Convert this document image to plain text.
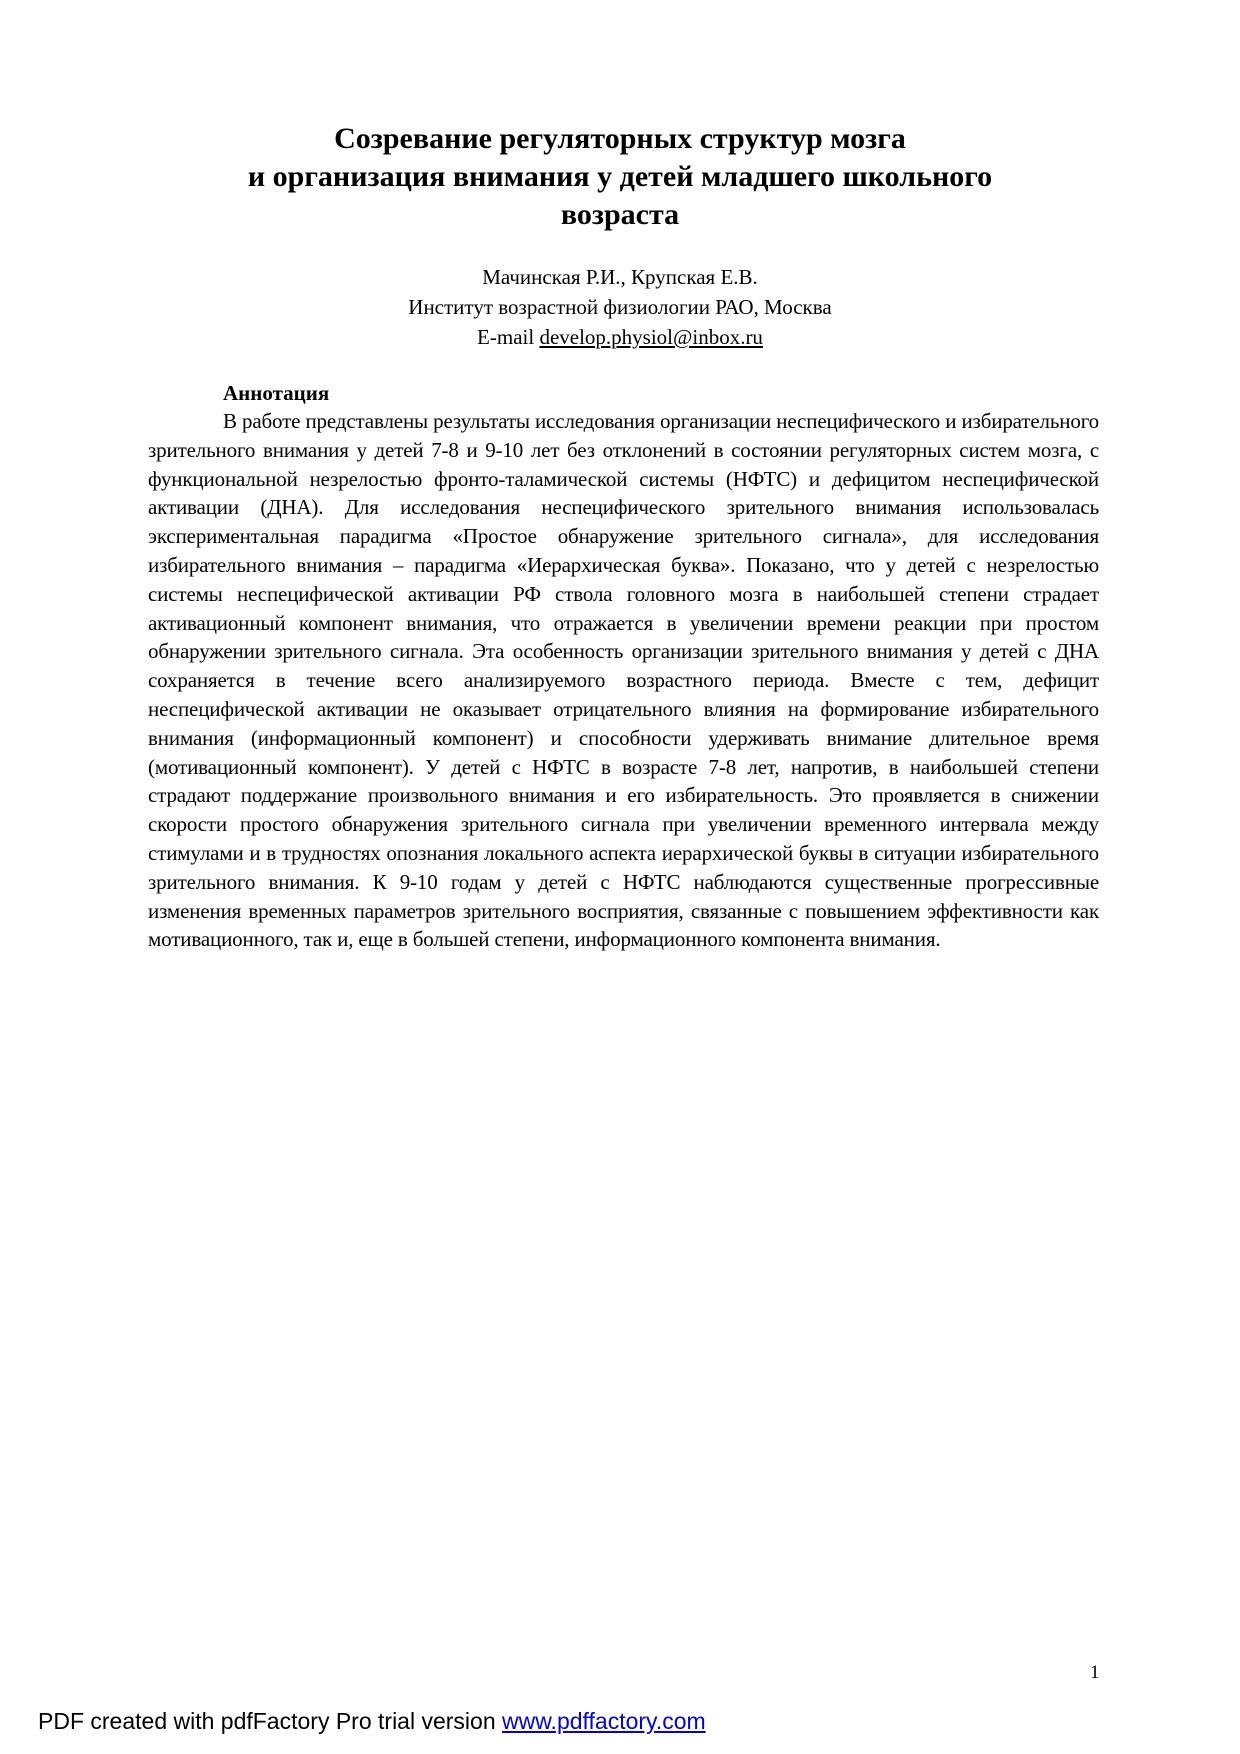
Созревание регуляторных структур мозга
и организация внимания у детей младшего школьного
возраста
Мачинская Р.И., Крупская Е.В.
Институт возрастной физиологии РАО, Москва
E-mail develop.physiol@inbox.ru
Аннотация

В работе представлены результаты исследования организации неспецифического и избирательного зрительного внимания у детей 7-8 и 9-10 лет без отклонений в состоянии регуляторных систем мозга, с функциональной незрелостью фронто-таламической системы (НФТС) и дефицитом неспецифической активации (ДНА). Для исследования неспецифического зрительного внимания использовалась экспериментальная парадигма «Простое обнаружение зрительного сигнала», для исследования избирательного внимания – парадигма «Иерархическая буква». Показано, что у детей с незрелостью системы неспецифической активации РФ ствола головного мозга в наибольшей степени страдает активационный компонент внимания, что отражается в увеличении времени реакции при простом обнаружении зрительного сигнала. Эта особенность организации зрительного внимания у детей с ДНА сохраняется в течение всего анализируемого возрастного периода. Вместе с тем, дефицит неспецифической активации не оказывает отрицательного влияния на формирование избирательного внимания (информационный компонент) и способности удерживать внимание длительное время (мотивационный компонент). У детей с НФТС в возрасте 7-8 лет, напротив, в наибольшей степени страдают поддержание произвольного внимания и его избирательность. Это проявляется в снижении скорости простого обнаружения зрительного сигнала при увеличении временного интервала между стимулами и в трудностях опознания локального аспекта иерархической буквы в ситуации избирательного зрительного внимания. К 9-10 годам у детей с НФТС наблюдаются существенные прогрессивные изменения временных параметров зрительного восприятия, связанные с повышением эффективности как мотивационного, так и, еще в большей степени, информационного компонента внимания.

1
PDF created with pdfFactory Pro trial version www.pdffactory.com
